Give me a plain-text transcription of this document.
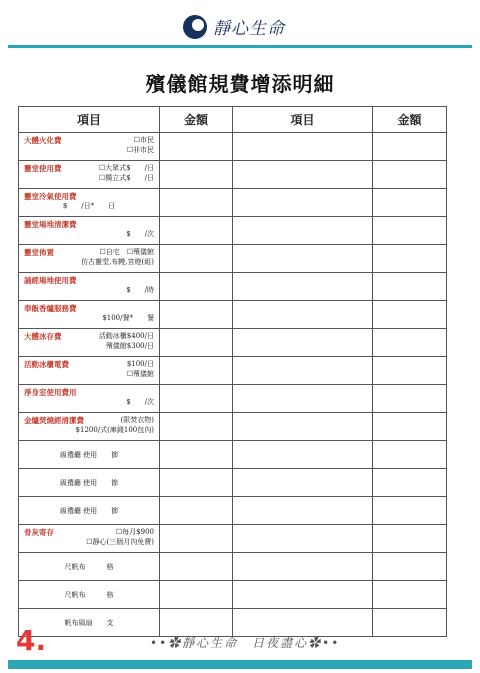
靜心生命
殯儀館規費增添明細
項目	金額	項目	金額

大體火化費 ☐市民
☐非市民			

靈堂使用費 ☐大眾式$　　/日
☐獨立式$　　/日			

靈堂冷氣使用費
$　　/日*　　日			

靈堂場地清潔費
$　　/次			

靈堂佈置 ☐自宅　☐殯儀館
仿古靈堂,布幔,宮燈(組)			

誦經場地使用費
$　　/時			

奉飯香爐服務費
$100/餐*　　餐			

大體冰存費 活動冰櫃$400/日
殯儀館$300/日			

活動冰櫃電費 $100/日
☐殯儀館			

淨身室使用費用
$　　/次			

金爐焚燒經清潔費 (限焚衣物)
$1200/式(庫錢100包內)			

級禮廳 使用　　節			

級禮廳 使用　　節			

級禮廳 使用　　節			

骨灰寄存 ☐每月$900
☐靜心(三個月內免費)			

尺帆布　　　格			

尺帆布　　　格			

帆布風扇　　支			

4.	••✿靜心生命　日夜盡心✿••
